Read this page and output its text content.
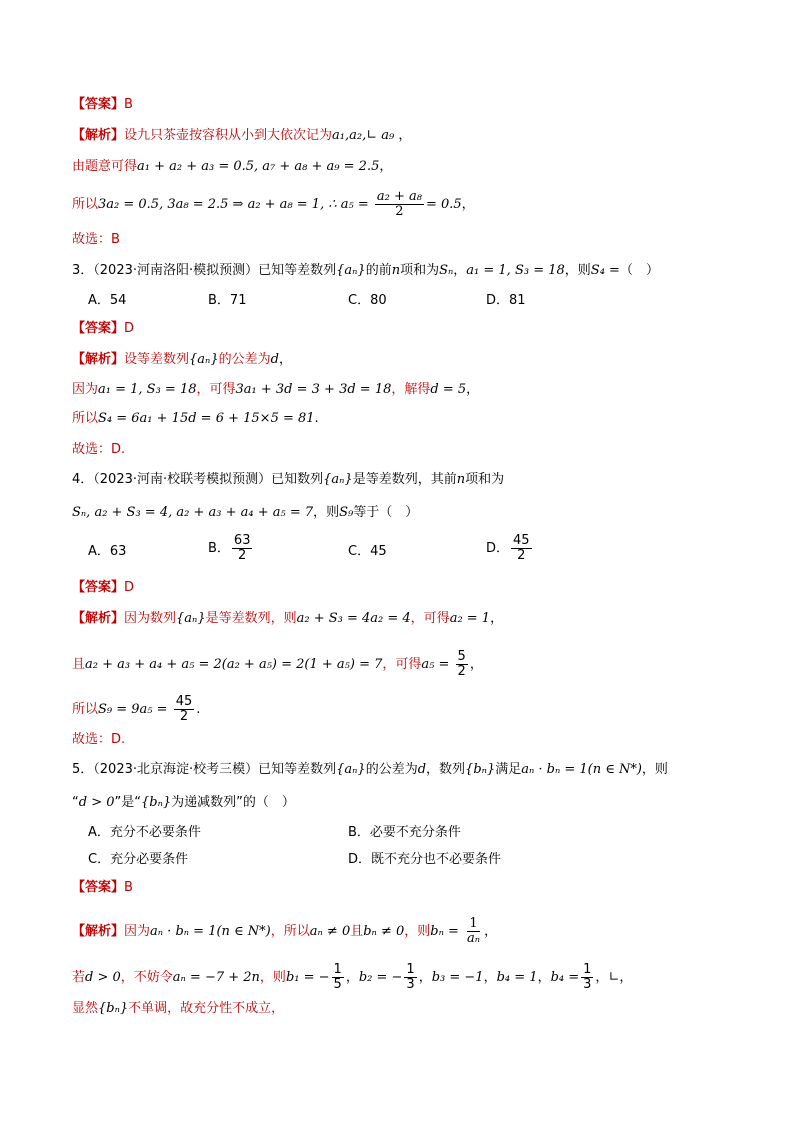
【答案】B
【解析】设九只茶壶按容积从小到大依次记为a₁,a₂,∟ a₉ ，
由题意可得a₁ + a₂ + a₃ = 0.5, a₇ + a₈ + a₉ = 2.5，
所以3a₂ = 0.5, 3a₈ = 2.5 ⇒ a₂ + a₈ = 1, ∴ $a_5 = \frac{\text{a₂ + a₈}}{2} = 0.5$，
故选：B
3．（2023·河南洛阳·模拟预测）已知等差数列{aₙ}的前n项和为Sₙ，a₁ = 1, S₃ = 18，则S₄ =（　）
A．54	B．71	C．80	D．81
【答案】D
【解析】设等差数列{aₙ}的公差为d，
因为a₁ = 1, S₃ = 18，可得3a₁ + 3d = 3 + 3d = 18，解得d = 5，
所以S₄ = 6a₁ + 15d = 6 + 15×5 = 81.
故选：D.
4．（2023·河南·校联考模拟预测）已知数列{aₙ}是等差数列，其前n项和为
Sₙ, a₂ + S₃ = 4, a₂ + a₃ + a₄ + a₅ = 7，则S₉等于（　）
A．63	B． $\frac{63}{2}$	C．45	D． $\frac{45}{2}$
【答案】D
【解析】因为数列{aₙ}是等差数列，则a₂ + S₃ = 4a₂ = 4，可得a₂ = 1，
且a₂ + a₃ + a₄ + a₅ = 2(a₂ + a₅) = 2(1 + a₅) = 7，可得$a_5 = \frac{5}{2}$ ，
所以$S_9 = 9a_5 = \frac{45}{2}$ .
故选：D.
5．（2023·北京海淀·校考三模）已知等差数列{aₙ}的公差为d，数列{bₙ}满足aₙ · bₙ = 1(n ∈ N*)，则
“d > 0”是“{bₙ}为递减数列”的（　）
A．充分不必要条件	B．必要不充分条件
C．充分必要条件	D．既不充分也不必要条件
【答案】B
【解析】因为aₙ · bₙ = 1(n ∈ N*)，所以aₙ ≠ 0且bₙ ≠ 0，则$b_n = \frac{1}{\text{aₙ}}$ ，
若d > 0，不妨令aₙ = −7 + 2n，则b₁ = − $\frac{1}{5}$ ，b₂ = − $\frac{1}{3}$ ，b₃ = −1，b₄ = 1，$b_4 = \frac{1}{3}$ ，∟，
显然{bₙ}不单调，故充分性不成立，
